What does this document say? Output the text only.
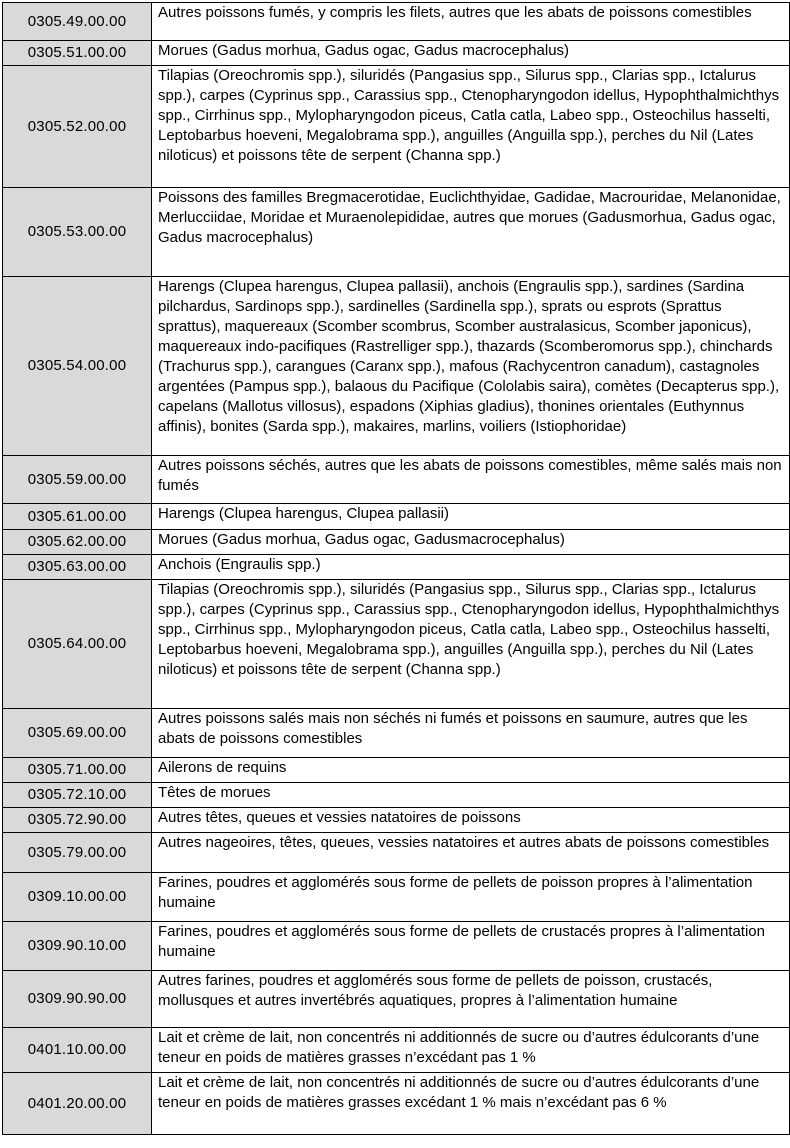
0305.49.00.00	Autres poissons fumés, y compris les filets, autres que les abats de poissons comestibles
0305.51.00.00	Morues (Gadus morhua, Gadus ogac, Gadus macrocephalus)
0305.52.00.00	Tilapias (Oreochromis spp.), siluridés (Pangasius spp., Silurus spp., Clarias spp., Ictalurus spp.), carpes (Cyprinus spp., Carassius spp., Ctenopharyngodon idellus, Hypophthalmichthys spp., Cirrhinus spp., Mylopharyngodon piceus, Catla catla, Labeo spp., Osteochilus hasselti, Leptobarbus hoeveni, Megalobrama spp.), anguilles (Anguilla spp.), perches du Nil (Lates niloticus) et poissons tête de serpent (Channa spp.)
0305.53.00.00	Poissons des familles Bregmacerotidae, Euclichthyidae, Gadidae, Macrouridae, Melanonidae, Merlucciidae, Moridae et Muraenolepididae, autres que morues (Gadusmorhua, Gadus ogac, Gadus macrocephalus)
0305.54.00.00	Harengs (Clupea harengus, Clupea pallasii), anchois (Engraulis spp.), sardines (Sardina pilchardus, Sardinops spp.), sardinelles (Sardinella spp.), sprats ou esprots (Sprattus sprattus), maquereaux (Scomber scombrus, Scomber australasicus, Scomber japonicus), maquereaux indo-pacifiques (Rastrelliger spp.), thazards (Scomberomorus spp.), chinchards (Trachurus spp.), carangues (Caranx spp.), mafous (Rachycentron canadum), castagnoles argentées (Pampus spp.), balaous du Pacifique (Cololabis saira), comètes (Decapterus spp.), capelans (Mallotus villosus), espadons (Xiphias gladius), thonines orientales (Euthynnus affinis), bonites (Sarda spp.), makaires, marlins, voiliers (Istiophoridae)
0305.59.00.00	Autres poissons séchés, autres que les abats de poissons comestibles, même salés mais non fumés
0305.61.00.00	Harengs (Clupea harengus, Clupea pallasii)
0305.62.00.00	Morues (Gadus morhua, Gadus ogac, Gadusmacrocephalus)
0305.63.00.00	Anchois (Engraulis spp.)
0305.64.00.00	Tilapias (Oreochromis spp.), siluridés (Pangasius spp., Silurus spp., Clarias spp., Ictalurus spp.), carpes (Cyprinus spp., Carassius spp., Ctenopharyngodon idellus, Hypophthalmichthys spp., Cirrhinus spp., Mylopharyngodon piceus, Catla catla, Labeo spp., Osteochilus hasselti, Leptobarbus hoeveni, Megalobrama spp.), anguilles (Anguilla spp.), perches du Nil (Lates niloticus) et poissons tête de serpent (Channa spp.)
0305.69.00.00	Autres poissons salés mais non séchés ni fumés et poissons en saumure, autres que les abats de poissons comestibles
0305.71.00.00	Ailerons de requins
0305.72.10.00	Têtes de morues
0305.72.90.00	Autres têtes, queues et vessies natatoires de poissons
0305.79.00.00	Autres nageoires, têtes, queues, vessies natatoires et autres abats de poissons comestibles
0309.10.00.00	Farines, poudres et agglomérés sous forme de pellets de poisson propres à l’alimentation humaine
0309.90.10.00	Farines, poudres et agglomérés sous forme de pellets de crustacés propres à l’alimentation humaine
0309.90.90.00	Autres farines, poudres et agglomérés sous forme de pellets de poisson, crustacés, mollusques et autres invertébrés aquatiques, propres à l’alimentation humaine
0401.10.00.00	Lait et crème de lait, non concentrés ni additionnés de sucre ou d’autres édulcorants d’une teneur en poids de matières grasses n’excédant pas 1 %
0401.20.00.00	Lait et crème de lait, non concentrés ni additionnés de sucre ou d’autres édulcorants d’une teneur en poids de matières grasses excédant 1 % mais n’excédant pas 6 %
